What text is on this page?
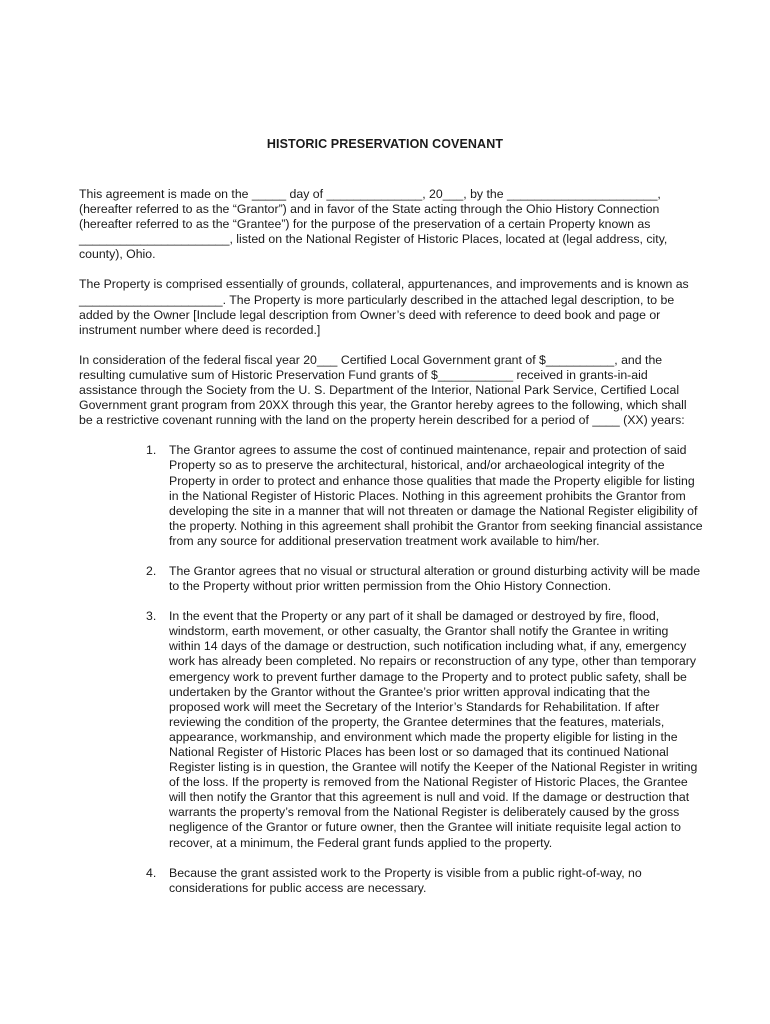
HISTORIC PRESERVATION COVENANT

This agreement is made on the _____ day of ______________, 20___, by the ______________________, (hereafter referred to as the “Grantor”) and in favor of the State acting through the Ohio History Connection (hereafter referred to as the “Grantee”) for the purpose of the preservation of a certain Property known as ______________________, listed on the National Register of Historic Places, located at (legal address, city, county), Ohio.

The Property is comprised essentially of grounds, collateral, appurtenances, and improvements and is known as _____________________. The Property is more particularly described in the attached legal description, to be added by the Owner [Include legal description from Owner’s deed with reference to deed book and page or instrument number where deed is recorded.]

In consideration of the federal fiscal year 20___ Certified Local Government grant of $__________, and the resulting cumulative sum of Historic Preservation Fund grants of $___________ received in grants-in-aid assistance through the Society from the U. S. Department of the Interior, National Park Service, Certified Local Government grant program from 20XX through this year, the Grantor hereby agrees to the following, which shall be a restrictive covenant running with the land on the property herein described for a period of ____ (XX) years:

1. The Grantor agrees to assume the cost of continued maintenance, repair and protection of said Property so as to preserve the architectural, historical, and/or archaeological integrity of the Property in order to protect and enhance those qualities that made the Property eligible for listing in the National Register of Historic Places. Nothing in this agreement prohibits the Grantor from developing the site in a manner that will not threaten or damage the National Register eligibility of the property. Nothing in this agreement shall prohibit the Grantor from seeking financial assistance from any source for additional preservation treatment work available to him/her.
2. The Grantor agrees that no visual or structural alteration or ground disturbing activity will be made to the Property without prior written permission from the Ohio History Connection.
3. In the event that the Property or any part of it shall be damaged or destroyed by fire, flood, windstorm, earth movement, or other casualty, the Grantor shall notify the Grantee in writing within 14 days of the damage or destruction, such notification including what, if any, emergency work has already been completed. No repairs or reconstruction of any type, other than temporary emergency work to prevent further damage to the Property and to protect public safety, shall be undertaken by the Grantor without the Grantee’s prior written approval indicating that the proposed work will meet the Secretary of the Interior’s Standards for Rehabilitation. If after reviewing the condition of the property, the Grantee determines that the features, materials, appearance, workmanship, and environment which made the property eligible for listing in the National Register of Historic Places has been lost or so damaged that its continued National Register listing is in question, the Grantee will notify the Keeper of the National Register in writing of the loss. If the property is removed from the National Register of Historic Places, the Grantee will then notify the Grantor that this agreement is null and void. If the damage or destruction that warrants the property’s removal from the National Register is deliberately caused by the gross negligence of the Grantor or future owner, then the Grantee will initiate requisite legal action to recover, at a minimum, the Federal grant funds applied to the property.
4. Because the grant assisted work to the Property is visible from a public right-of-way, no considerations for public access are necessary.
